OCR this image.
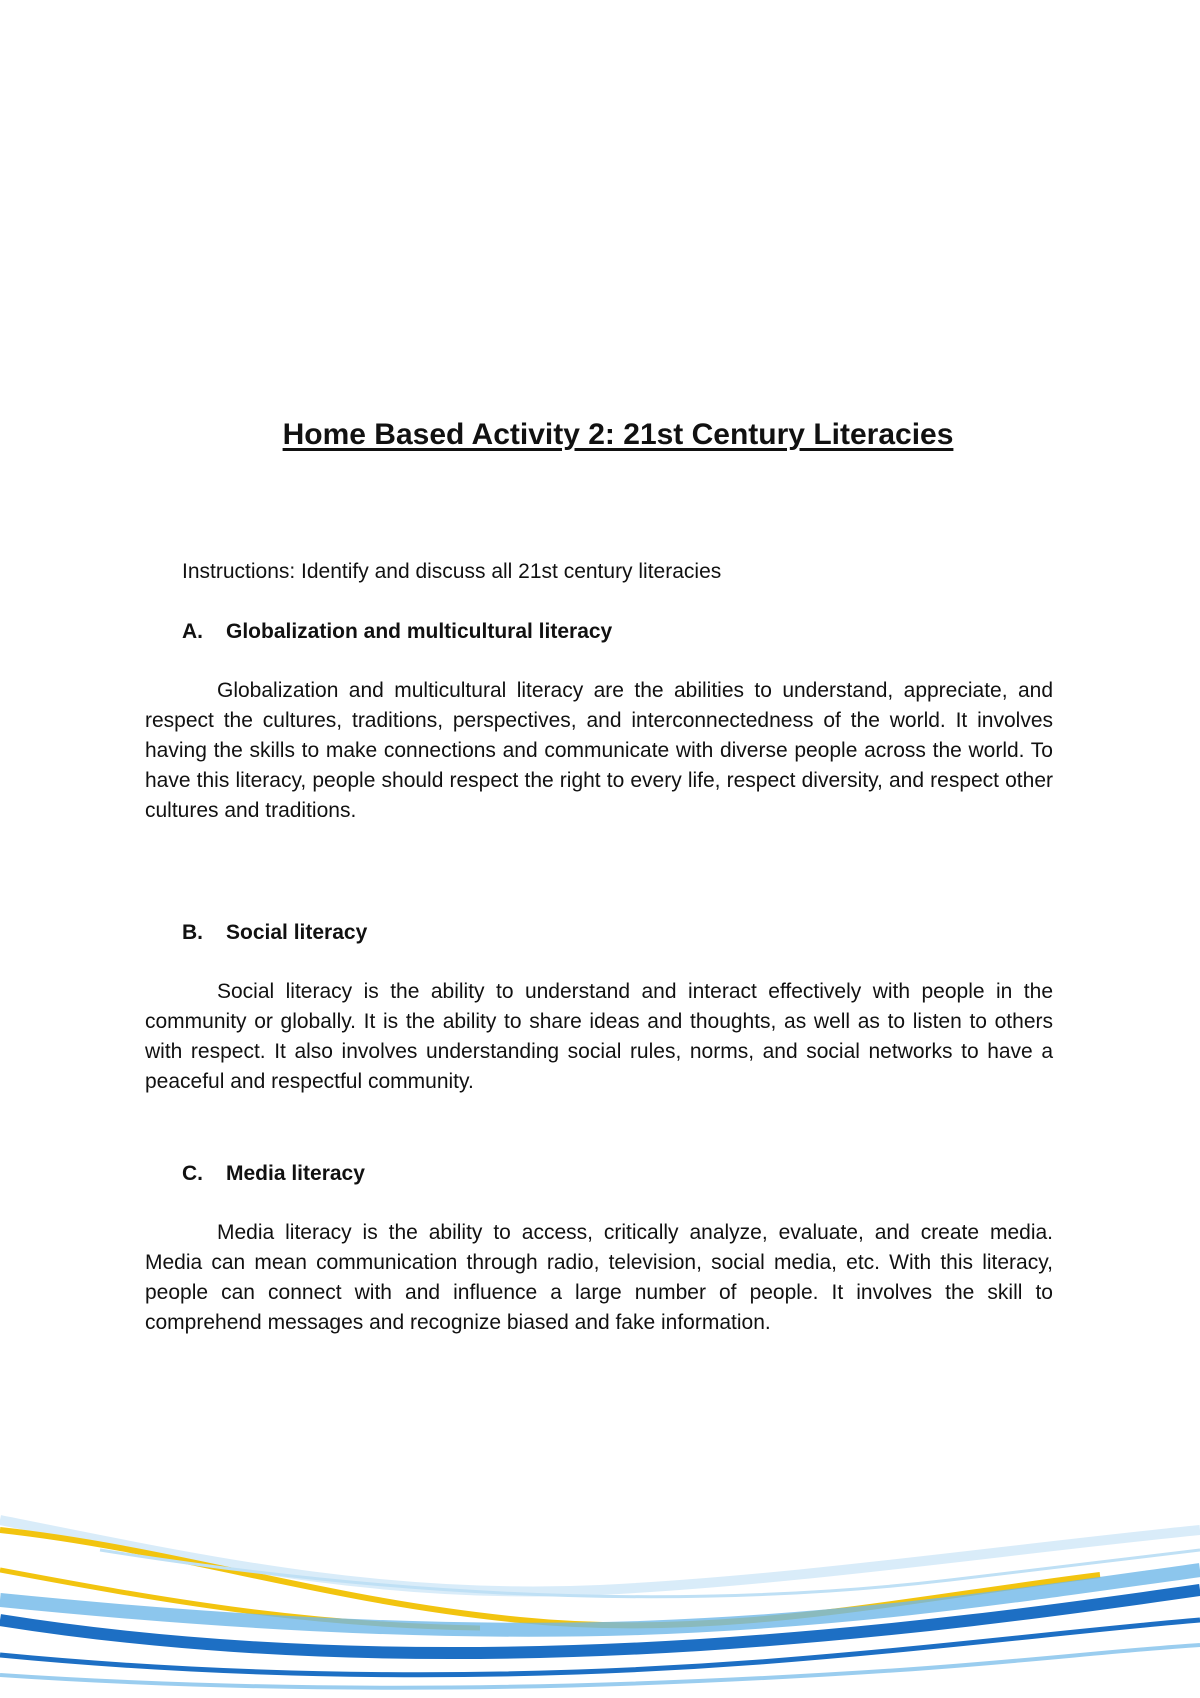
Home Based Activity 2: 21st Century Literacies

Instructions: Identify and discuss all 21st century literacies

A. Globalization and multicultural literacy

Globalization and multicultural literacy are the abilities to understand, appreciate, and respect the cultures, traditions, perspectives, and interconnectedness of the world. It involves having the skills to make connections and communicate with diverse people across the world. To have this literacy, people should respect the right to every life, respect diversity, and respect other cultures and traditions.

B. Social literacy

Social literacy is the ability to understand and interact effectively with people in the community or globally. It is the ability to share ideas and thoughts, as well as to listen to others with respect. It also involves understanding social rules, norms, and social networks to have a peaceful and respectful community.

C. Media literacy

Media literacy is the ability to access, critically analyze, evaluate, and create media. Media can mean communication through radio, television, social media, etc. With this literacy, people can connect with and influence a large number of people. It involves the skill to comprehend messages and recognize biased and fake information.
